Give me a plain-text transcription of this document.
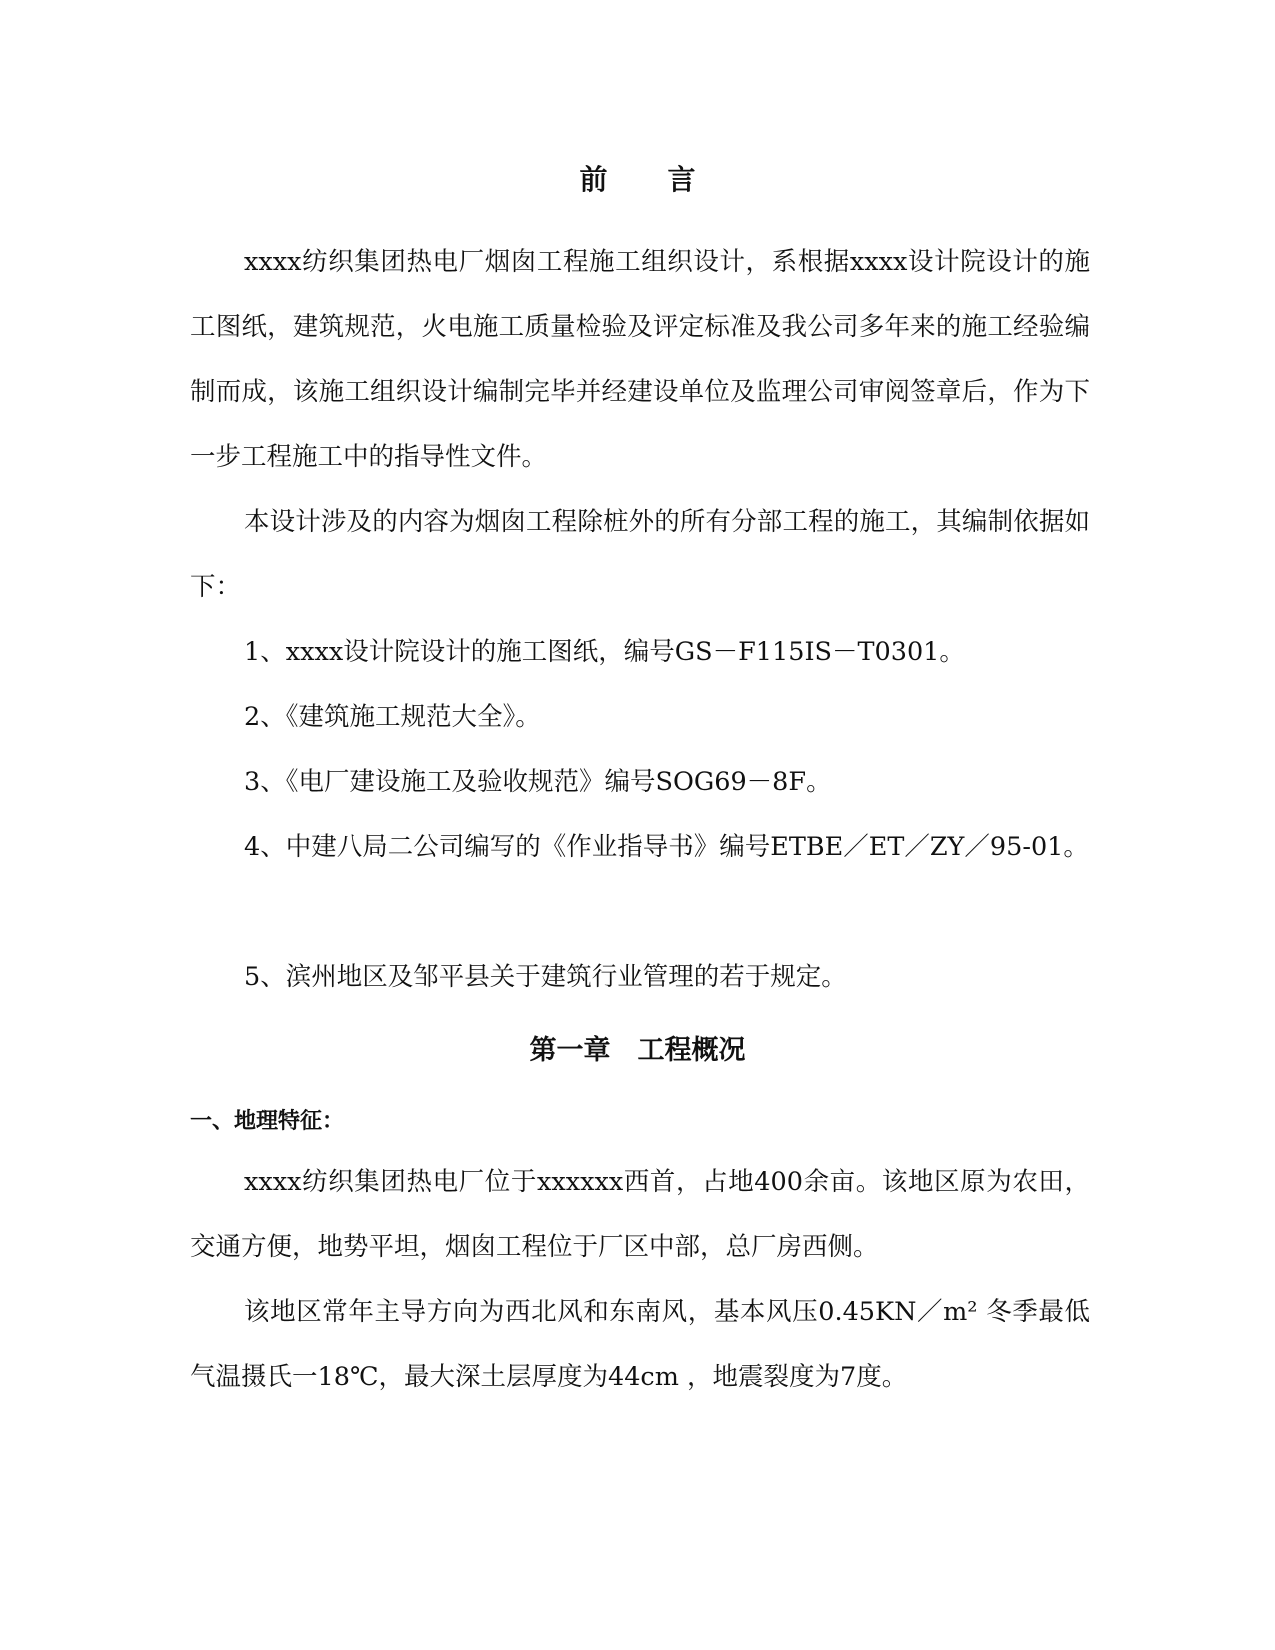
前言
xxxx纺织集团热电厂烟囱工程施工组织设计，系根据xxxx设计院设计的施工图纸，建筑规范，火电施工质量检验及评定标准及我公司多年来的施工经验编制而成，该施工组织设计编制完毕并经建设单位及监理公司审阅签章后，作为下一步工程施工中的指导性文件。
本设计涉及的内容为烟囱工程除桩外的所有分部工程的施工，其编制依据如下：
1、xxxx设计院设计的施工图纸，编号GS－F115IS－T0301。
2、《建筑施工规范大全》。
3、《电厂建设施工及验收规范》编号SOG69－8F。
4、中建八局二公司编写的《作业指导书》编号ETBE／ET／ZY／95-01。
5、滨州地区及邹平县关于建筑行业管理的若于规定。
第一章　工程概况
一、地理特征：
xxxx纺织集团热电厂位于xxxxxx西首，占地400余亩。该地区原为农田，交通方便，地势平坦，烟囱工程位于厂区中部，总厂房西侧。
该地区常年主导方向为西北风和东南风，基本风压0.45KN／m² 冬季最低气温摄氏一18℃，最大深土层厚度为44cm ，地震裂度为7度。
